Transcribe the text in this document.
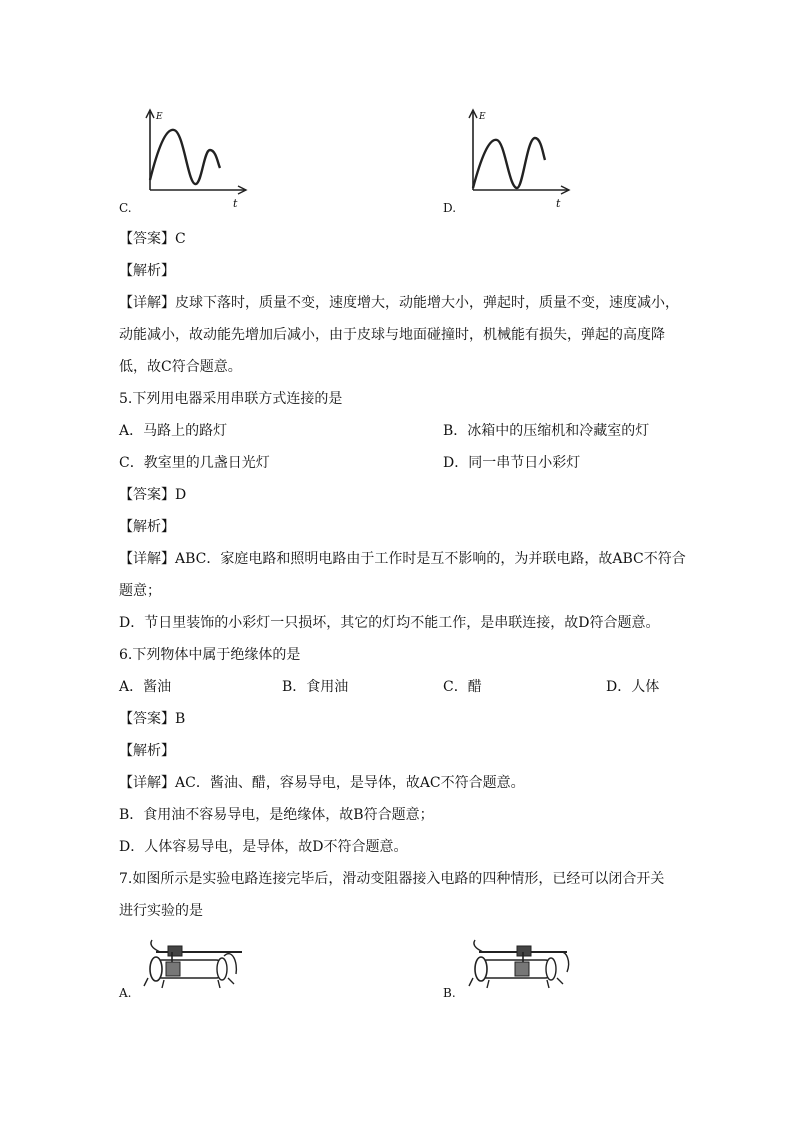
E
t
E
t
C.	D.
【答案】C
【解析】
【详解】皮球下落时，质量不变，速度增大，动能增大小，弹起时，质量不变，速度减小，
动能减小，故动能先增加后减小，由于皮球与地面碰撞时，机械能有损失，弹起的高度降
低，故C符合题意。
5.下列用电器采用串联方式连接的是
A．马路上的路灯	B．冰箱中的压缩机和冷藏室的灯
C．教室里的几盏日光灯	D．同一串节日小彩灯
【答案】D
【解析】
【详解】ABC．家庭电路和照明电路由于工作时是互不影响的，为并联电路，故ABC不符合
题意；
D．节日里装饰的小彩灯一只损坏，其它的灯均不能工作，是串联连接，故D符合题意。
6.下列物体中属于绝缘体的是
A．酱油	B．食用油	C．醋	D．人体
【答案】B
【解析】
【详解】AC．酱油、醋，容易导电，是导体，故AC不符合题意。
B．食用油不容易导电，是绝缘体，故B符合题意；
D．人体容易导电，是导体，故D不符合题意。
7.如图所示是实验电路连接完毕后，滑动变阻器接入电路的四种情形，已经可以闭合开关
进行实验的是
A.	B.
